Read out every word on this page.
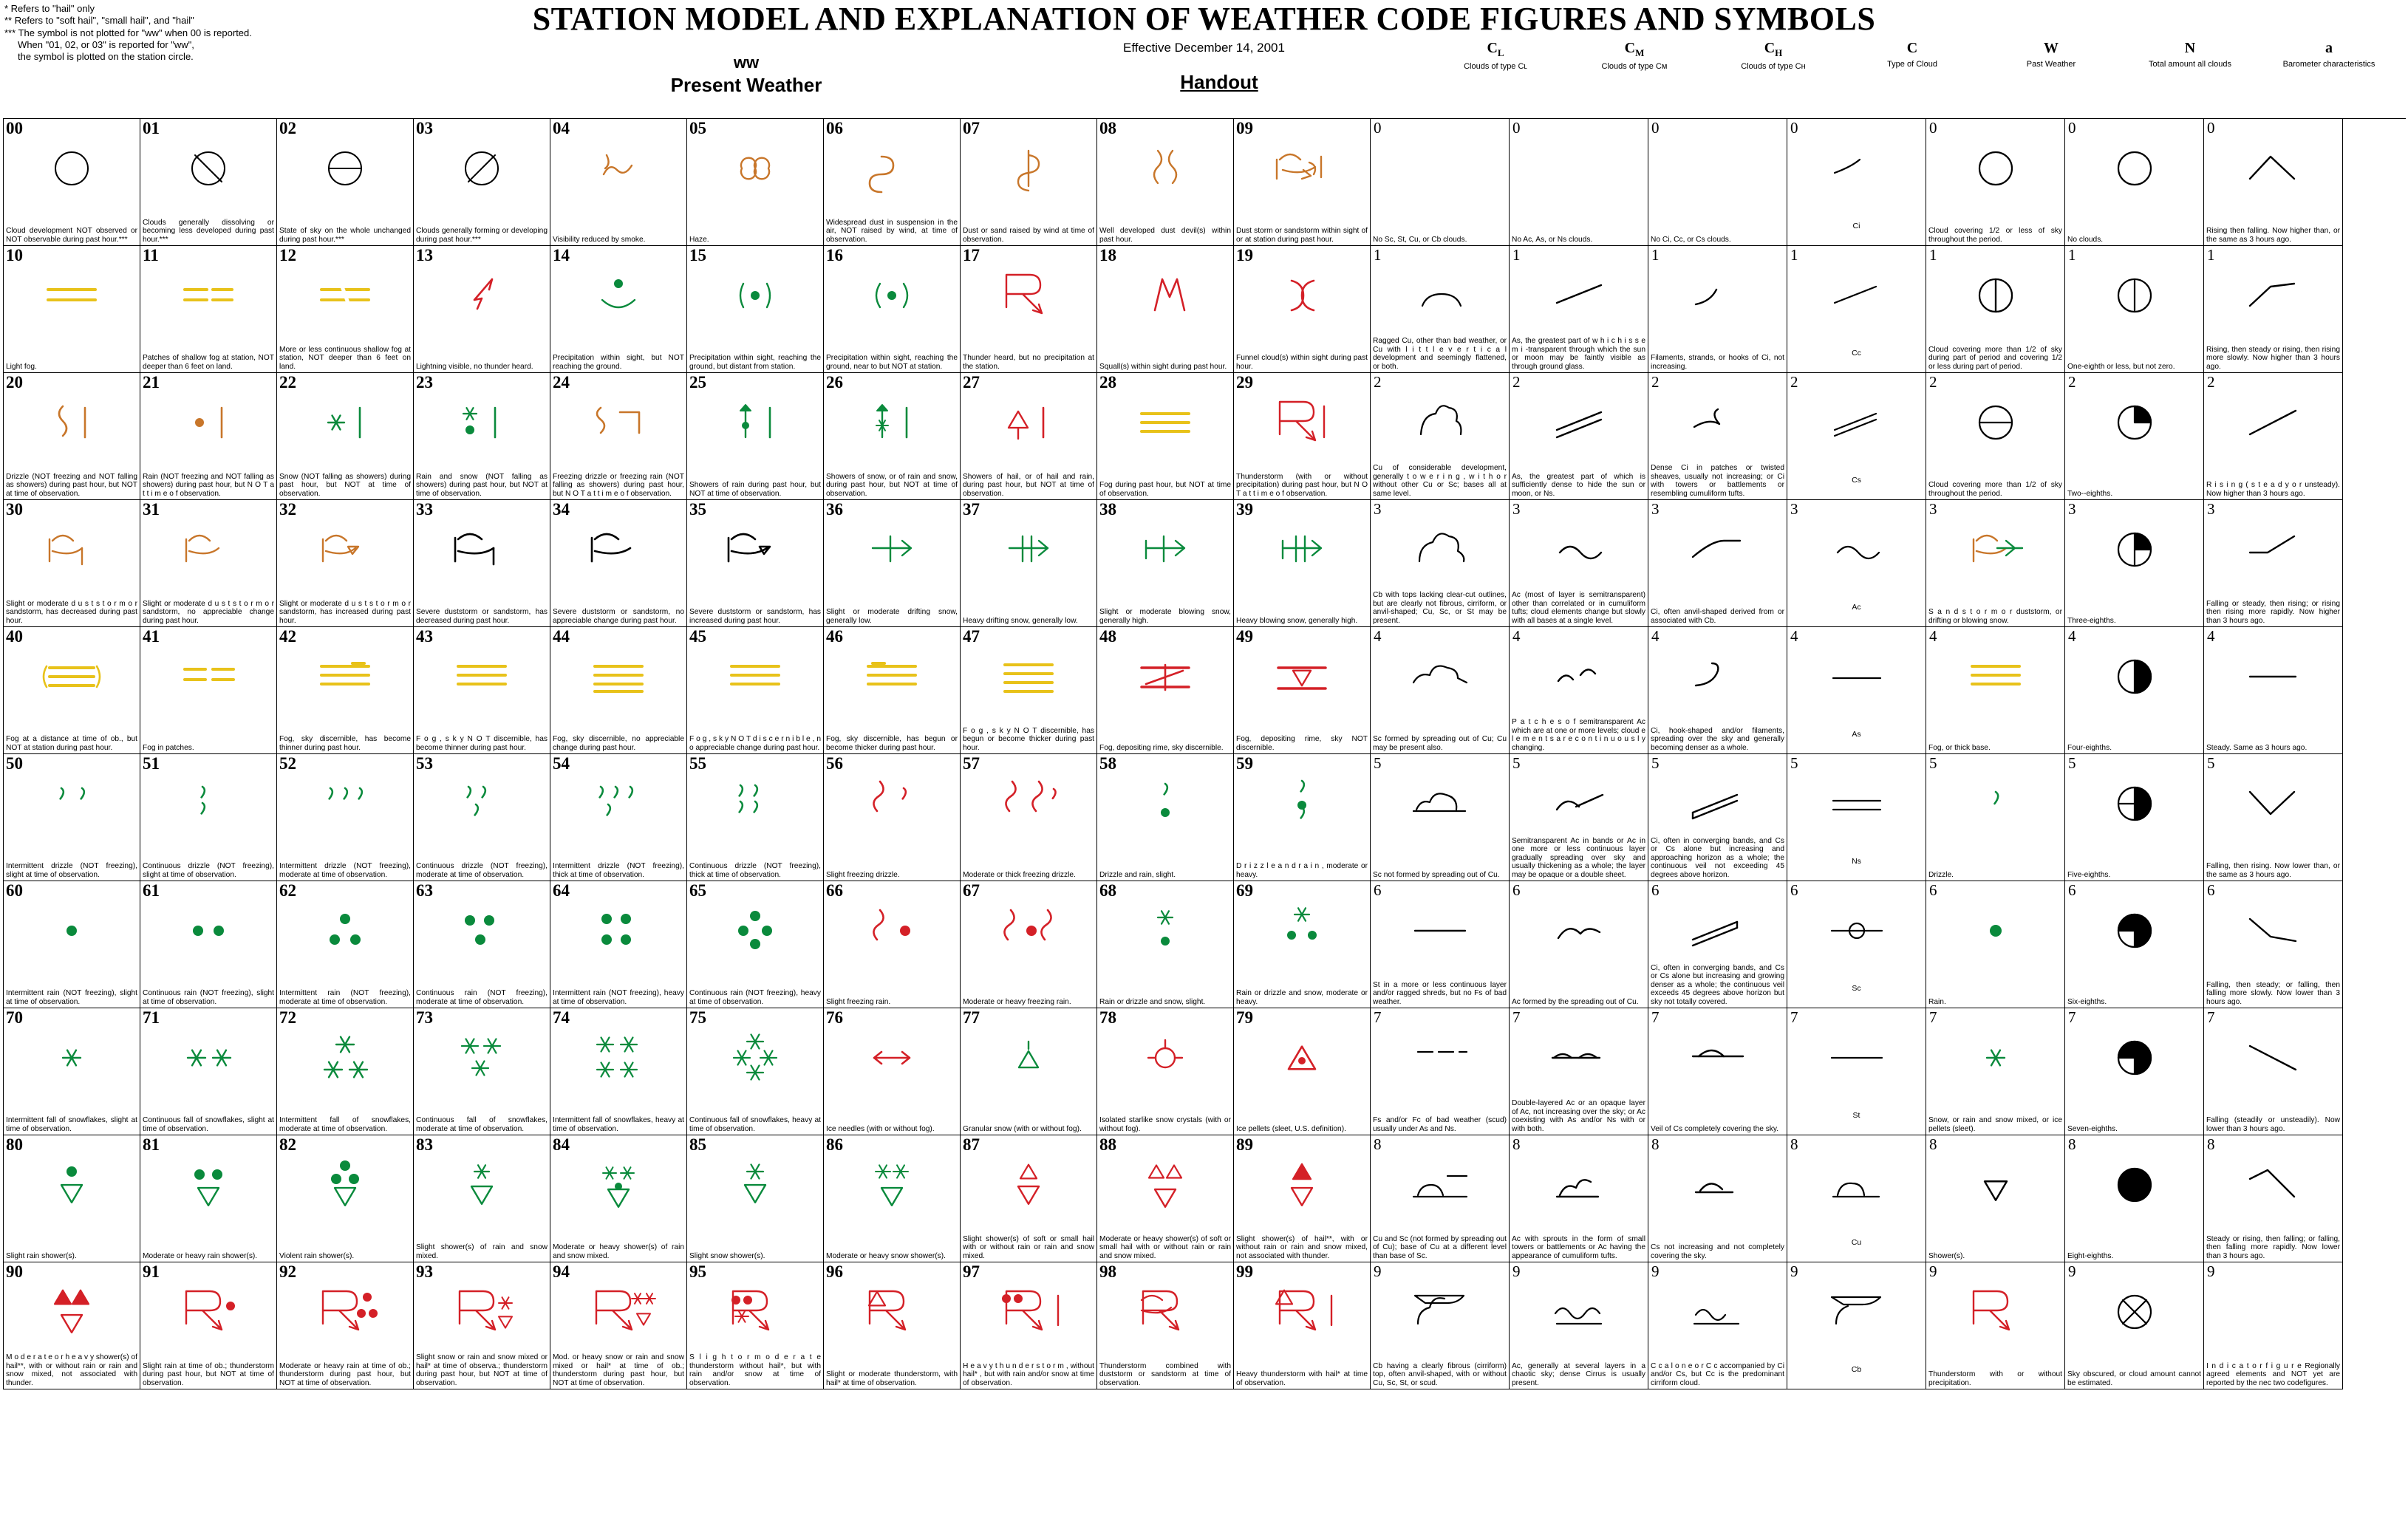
* Refers to "hail" only
** Refers to "soft hail", "small hail", and "hail"
*** The symbol is not plotted for "ww" when 00 is reported.
When "01, 02, or 03" is reported for "ww",
the symbol is plotted on the station circle.
STATION MODEL AND EXPLANATION OF WEATHER CODE FIGURES AND SYMBOLS
Effective December 14, 2001
ww
Present Weather	Handout
$C_L$
Clouds of type Cʟ
$C_M$
Clouds of type Cм
$C_H$
Clouds of type Cʜ
C
Type of Cloud
W
Past Weather
N
Total amount all clouds
a
Barometer characteristics
00
Cloud development NOT observed or NOT observable during past hour.***
01
Clouds generally dissolving or becoming less developed during past hour.***
02
State of sky on the whole unchanged during past hour.***
03
Clouds generally forming or developing during past hour.***
04
Visibility reduced by smoke.
05
Haze.
06
Widespread dust in suspension in the air, NOT raised by wind, at time of observation.
07
Dust or sand raised by wind at time of observation.
08
Well developed dust devil(s) within past hour.
09
Dust storm or sandstorm within sight of or at station during past hour.
0
No Sc, St, Cu, or Cb clouds.
0
No Ac, As, or Ns clouds.
0
No Ci, Cc, or Cs clouds.
0
Ci
0
Cloud covering 1/2 or less of sky throughout the period.
0
No clouds.
0
Rising then falling. Now higher than, or the same as 3 hours ago.
10
Light fog.
11
Patches of shallow fog at station, NOT deeper than 6 feet on land.
12
More or less continuous shallow fog at station, NOT deeper than 6 feet on land.
13
Lightning visible, no thunder heard.
14
Precipitation within sight, but NOT reaching the ground.
15
Precipitation within sight, reaching the ground, but distant from station.
16
Precipitation within sight, reaching the ground, near to but NOT at station.
17
Thunder heard, but no precipitation at the station.
18
Squall(s) within sight during past hour.
19
Funnel cloud(s) within sight during past hour.
1
Ragged Cu, other than bad weather, or Cu with l i t t l e v e r t i c a l development and seemingly flattened, or both.
1
As, the greatest part of w h i c h i s s e m i -transparent through which the sun or moon may be faintly visible as through ground glass.
1
Filaments, strands, or hooks of Ci, not increasing.
1
Cc
1
Cloud covering more than 1/2 of sky during part of period and covering 1/2 or less during part of period.
1
One-eighth or less, but not zero.
1
Rising, then steady or rising, then rising more slowly. Now higher than 3 hours ago.
20
Drizzle (NOT freezing and NOT falling as showers) during past hour, but NOT at time of observation.
21
Rain (NOT freezing and NOT falling as showers) during past hour, but N O T a t t i m e o f observation.
22
Snow (NOT falling as showers) during past hour, but NOT at time of observation.
23
Rain and snow (NOT falling as showers) during past hour, but NOT at time of observation.
24
Freezing drizzle or freezing rain (NOT falling as showers) during past hour, but N O T a t t i m e o f observation.
25
Showers of rain during past hour, but NOT at time of observation.
26
Showers of snow, or of rain and snow, during past hour, but NOT at time of observation.
27
Showers of hail, or of hail and rain, during past hour, but NOT at time of observation.
28
Fog during past hour, but NOT at time of observation.
29
Thunderstorm (with or without precipitation) during past hour, but N O T a t t i m e o f observation.
2
Cu of considerable development, generally t o w e r i n g , w i t h o r without other Cu or Sc; bases all at same level.
2
As, the greatest part of which is sufficiently dense to hide the sun or moon, or Ns.
2
Dense Ci in patches or twisted sheaves, usually not increasing; or Ci with towers or battlements or resembling cumuliform tufts.
2
Cs
2
Cloud covering more than 1/2 of sky throughout the period.
2
Two--eighths.
2
R i s i n g ( s t e a d y o r unsteady). Now higher than 3 hours ago.
30
Slight or moderate d u s t s t o r m o r sandstorm, has decreased during past hour.
31
Slight or moderate d u s t s t o r m o r sandstorm, no appreciable change during past hour.
32
Slight or moderate d u s t s t o r m o r sandstorm, has increased during past hour.
33
Severe duststorm or sandstorm, has decreased during past hour.
34
Severe duststorm or sandstorm, no appreciable change during past hour.
35
Severe duststorm or sandstorm, has increased during past hour.
36
Slight or moderate drifting snow, generally low.
37
Heavy drifting snow, generally low.
38
Slight or moderate blowing snow, generally high.
39
Heavy blowing snow, generally high.
3
Cb with tops lacking clear-cut outlines, but are clearly not fibrous, cirriform, or anvil-shaped; Cu, Sc, or St may be present.
3
Ac (most of layer is semitransparent) other than correlated or in cumuliform tufts; cloud elements change but slowly with all bases at a single level.
3
Ci, often anvil-shaped derived from or associated with Cb.
3
Ac
3
S a n d s t o r m o r duststorm, or drifting or blowing snow.
3
Three-eighths.
3
Falling or steady, then rising; or rising then rising more rapidly. Now higher than 3 hours ago.
40
Fog at a distance at time of ob., but NOT at station during past hour.
41
Fog in patches.
42
Fog, sky discernible, has become thinner during past hour.
43
F o g , s k y N O T discernible, has become thinner during past hour.
44
Fog, sky discernible, no appreciable change during past hour.
45
F o g , s k y N O T d i s c e r n i b l e , n o appreciable change during past hour.
46
Fog, sky discernible, has begun or become thicker during past hour.
47
F o g , s k y N O T discernible, has begun or become thicker during past hour.
48
Fog, depositing rime, sky discernible.
49
Fog, depositing rime, sky NOT discernible.
4
Sc formed by spreading out of Cu; Cu may be present also.
4
P a t c h e s o f semitransparent Ac which are at one or more levels; cloud e l e m e n t s a r e c o n t i n u o u s l y changing.
4
Ci, hook-shaped and/or filaments, spreading over the sky and generally becoming denser as a whole.
4
As
4
Fog, or thick base.
4
Four-eighths.
4
Steady. Same as 3 hours ago.
50
Intermittent drizzle (NOT freezing), slight at time of observation.
51
Continuous drizzle (NOT freezing), slight at time of observation.
52
Intermittent drizzle (NOT freezing), moderate at time of observation.
53
Continuous drizzle (NOT freezing), moderate at time of observation.
54
Intermittent drizzle (NOT freezing), thick at time of observation.
55
Continuous drizzle (NOT freezing), thick at time of observation.
56
Slight freezing drizzle.
57
Moderate or thick freezing drizzle.
58
Drizzle and rain, slight.
59
D r i z z l e a n d r a i n , moderate or heavy.
5
Sc not formed by spreading out of Cu.
5
Semitransparent Ac in bands or Ac in one more or less continuous layer gradually spreading over sky and usually thickening as a whole; the layer may be opaque or a double sheet.
5
Ci, often in converging bands, and Cs or Cs alone but increasing and approaching horizon as a whole; the continuous veil not exceeding 45 degrees above horizon.
5
Ns
5
Drizzle.
5
Five-eighths.
5
Falling, then rising. Now lower than, or the same as 3 hours ago.
60
Intermittent rain (NOT freezing), slight at time of observation.
61
Continuous rain (NOT freezing), slight at time of observation.
62
Intermittent rain (NOT freezing), moderate at time of observation.
63
Continuous rain (NOT freezing), moderate at time of observation.
64
Intermittent rain (NOT freezing), heavy at time of observation.
65
Continuous rain (NOT freezing), heavy at time of observation.
66
Slight freezing rain.
67
Moderate or heavy freezing rain.
68
Rain or drizzle and snow, slight.
69
Rain or drizzle and snow, moderate or heavy.
6
St in a more or less continuous layer and/or ragged shreds, but no Fs of bad weather.
6
Ac formed by the spreading out of Cu.
6
Ci, often in converging bands, and Cs or Cs alone but increasing and growing denser as a whole; the continuous veil exceeds 45 degrees above horizon but sky not totally covered.
6
Sc
6
Rain.
6
Six-eighths.
6
Falling, then steady; or falling, then falling more slowly. Now lower than 3 hours ago.
70
Intermittent fall of snowflakes, slight at time of observation.
71
Continuous fall of snowflakes, slight at time of observation.
72
Intermittent fall of snowflakes, moderate at time of observation.
73
Continuous fall of snowflakes, moderate at time of observation.
74
Intermittent fall of snowflakes, heavy at time of observation.
75
Continuous fall of snowflakes, heavy at time of observation.
76
Ice needles (with or without fog).
77
Granular snow (with or without fog).
78
Isolated starlike snow crystals (with or without fog).
79
Ice pellets (sleet, U.S. definition).
7
Fs and/or Fc of bad weather (scud) usually under As and Ns.
7
Double-layered Ac or an opaque layer of Ac, not increasing over the sky; or Ac coexisting with As and/or Ns with or with both.
7
Veil of Cs completely covering the sky.
7
St
7
Snow, or rain and snow mixed, or ice pellets (sleet).
7
Seven-eighths.
7
Falling (steadily or unsteadily). Now lower than 3 hours ago.
80
Slight rain shower(s).
81
Moderate or heavy rain shower(s).
82
Violent rain shower(s).
83
Slight shower(s) of rain and snow mixed.
84
Moderate or heavy shower(s) of rain and snow mixed.
85
Slight snow shower(s).
86
Moderate or heavy snow shower(s).
87
Slight shower(s) of soft or small hail with or without rain or rain and snow mixed.
88
Moderate or heavy shower(s) of soft or small hail with or without rain or rain and snow mixed.
89
Slight shower(s) of hail**, with or without rain or rain and snow mixed, not associated with thunder.
8
Cu and Sc (not formed by spreading out of Cu); base of Cu at a different level than base of Sc.
8
Ac with sprouts in the form of small towers or battlements or Ac having the appearance of cumuliform tufts.
8
Cs not increasing and not completely covering the sky.
8
Cu
8
Shower(s).
8
Eight-eighths.
8
Steady or rising, then falling; or falling, then falling more rapidly. Now lower than 3 hours ago.
90
M o d e r a t e o r h e a v y shower(s) of hail**, with or without rain or rain and snow mixed, not associated with thunder.
91
Slight rain at time of ob.; thunderstorm during past hour, but NOT at time of observation.
92
Moderate or heavy rain at time of ob.; thunderstorm during past hour, but NOT at time of observation.
93
Slight snow or rain and snow mixed or hail* at time of observa.; thunderstorm during past hour, but NOT at time of observation.
94
Mod. or heavy snow or rain and snow mixed or hail* at time of ob.; thunderstorm during past hour, but NOT at time of observation.
95
S l i g h t o r m o d e r a t e thunderstorm without hail*, but with rain and/or snow at time of observation.
96
Slight or moderate thunderstorm, with hail* at time of observation.
97
H e a v y t h u n d e r s t o r m , without hail* , but with rain and/or snow at time of observation.
98
Thunderstorm combined with duststorm or sandstorm at time of observation.
99
Heavy thunderstorm with hail* at time of observation.
9
Cb having a clearly fibrous (cirriform) top, often anvil-shaped, with or without Cu, Sc, St, or scud.
9
Ac, generally at several layers in a chaotic sky; dense Cirrus is usually present.
9
C c a l o n e o r C c accompanied by Ci and/or Cs, but Cc is the predominant cirriform cloud.
9
Cb
9
Thunderstorm with or without precipitation.
9
Sky obscured, or cloud amount cannot be estimated.
9
I n d i c a t o r f i g u r e Regionally agreed elements and NOT yet are reported by the nec two codefigures.
